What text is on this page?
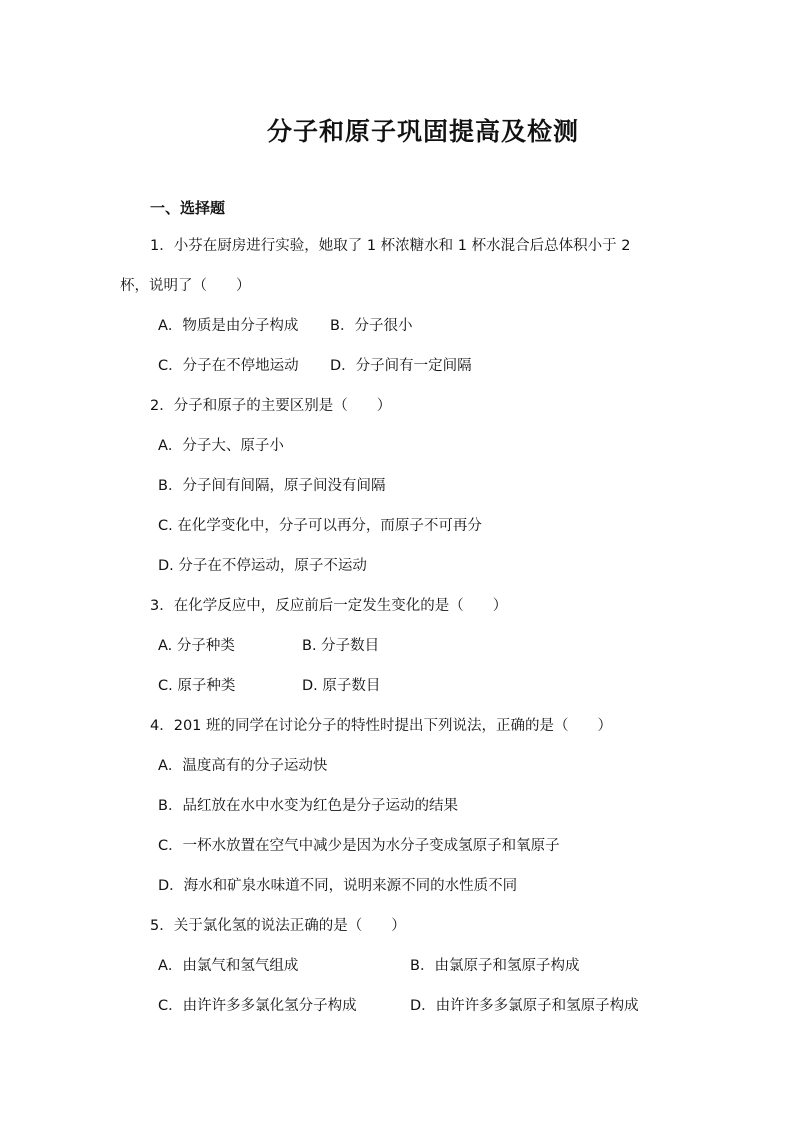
分子和原子巩固提高及检测
一、选择题
1．小芬在厨房进行实验，她取了 1 杯浓糖水和 1 杯水混合后总体积小于 2
杯，说明了（　　）
A．物质是由分子构成 B．分子很小
C．分子在不停地运动 D．分子间有一定间隔
2．分子和原子的主要区别是（　　）
A．分子大、原子小
B．分子间有间隔，原子间没有间隔
C. 在化学变化中，分子可以再分，而原子不可再分
D. 分子在不停运动，原子不运动
3．在化学反应中，反应前后一定发生变化的是（　　）
A. 分子种类	B. 分子数目
C. 原子种类	D. 原子数目
4．201 班的同学在讨论分子的特性时提出下列说法，正确的是（　　）
A．温度高有的分子运动快
B．品红放在水中水变为红色是分子运动的结果
C．一杯水放置在空气中减少是因为水分子变成氢原子和氧原子
D．海水和矿泉水味道不同，说明来源不同的水性质不同
5．关于氯化氢的说法正确的是（　　）
A．由氯气和氢气组成	B．由氯原子和氢原子构成
C．由许许多多氯化氢分子构成	D．由许许多多氯原子和氢原子构成
